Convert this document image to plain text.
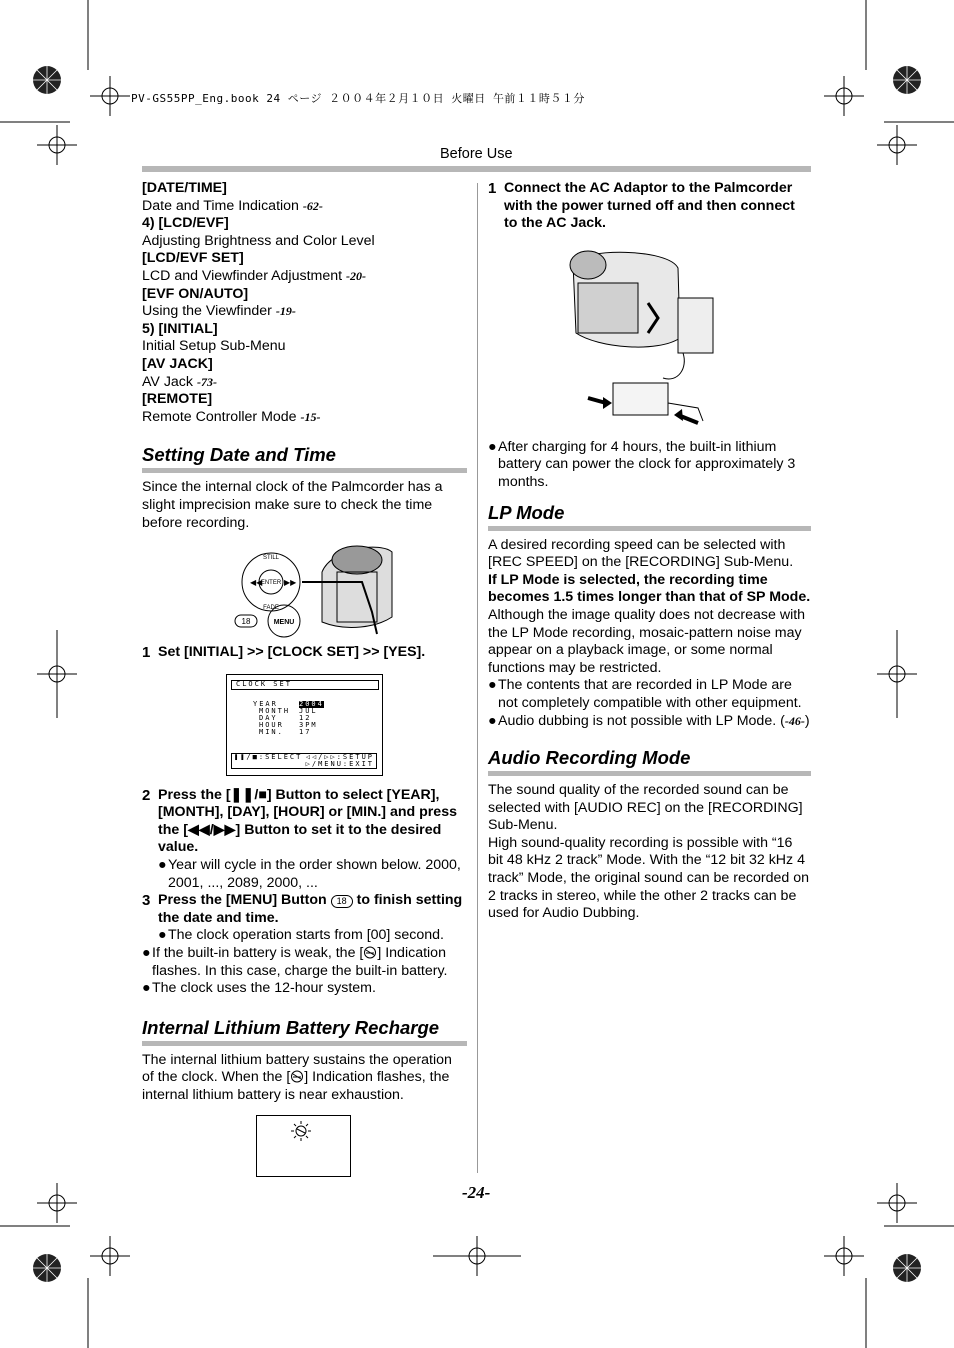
PV-GS55PP_Eng.book 24 ページ ２００４年２月１０日 火曜日 午前１１時５１分
Before Use
[DATE/TIME]
Date and Time Indication -62-
4) [LCD/EVF]
Adjusting Brightness and Color Level
[LCD/EVF SET]
LCD and Viewfinder Adjustment -20-
[EVF ON/AUTO]
Using the Viewfinder -19-
5) [INITIAL]
Initial Setup Sub-Menu
[AV JACK]
AV Jack -73-
[REMOTE]
Remote Controller Mode -15-
Setting Date and Time

Since the internal clock of the Palmcorder has a slight imprecision make sure to check the time before recording.

STILL
ENTER
FADE
◀◀	▶▶
MENU
18
1 Set [INITIAL] >> [CLOCK SET] >> [YES].
CLOCK SET
YEAR	2004
MONTH JUL
DAY	12
HOUR 3PM
MIN. 17
❚❚/■:SELECT ◁◁/▷▷:SETUP
▷/MENU:EXIT
2 Press the [❚❚/■] Button to select [YEAR], [MONTH], [DAY], [HOUR] or [MIN.] and press the [◀◀/▶▶] Button to set it to the desired value.
● Year will cycle in the order shown below. 2000, 2001, ..., 2089, 2000, ...
3 Press the [MENU] Button 18 to finish setting the date and time.
● The clock operation starts from [00] second.
● If the built-in battery is weak, the [ ] Indication flashes. In this case, charge the built-in battery.
● The clock uses the 12-hour system.
Internal Lithium Battery Recharge

The internal lithium battery sustains the operation of the clock. When the [ ] Indication flashes, the internal lithium battery is near exhaustion.

1 Connect the AC Adaptor to the Palmcorder with the power turned off and then connect to the AC Jack.
● After charging for 4 hours, the built-in lithium battery can power the clock for approximately 3 months.
LP Mode

A desired recording speed can be selected with [REC SPEED] on the [RECORDING] Sub-Menu.

If LP Mode is selected, the recording time becomes 1.5 times longer than that of SP Mode.

Although the image quality does not decrease with the LP Mode recording, mosaic-pattern noise may appear on a playback image, or some normal functions may be restricted.

● The contents that are recorded in LP Mode are not completely compatible with other equipment.
● Audio dubbing is not possible with LP Mode. (-46-)
Audio Recording Mode

The sound quality of the recorded sound can be selected with [AUDIO REC] on the [RECORDING] Sub-Menu.

High sound-quality recording is possible with “16 bit 48 kHz 2 track” Mode. With the “12 bit 32 kHz 4 track” Mode, the original sound can be recorded on 2 tracks in stereo, while the other 2 tracks can be used for Audio Dubbing.

-24-
